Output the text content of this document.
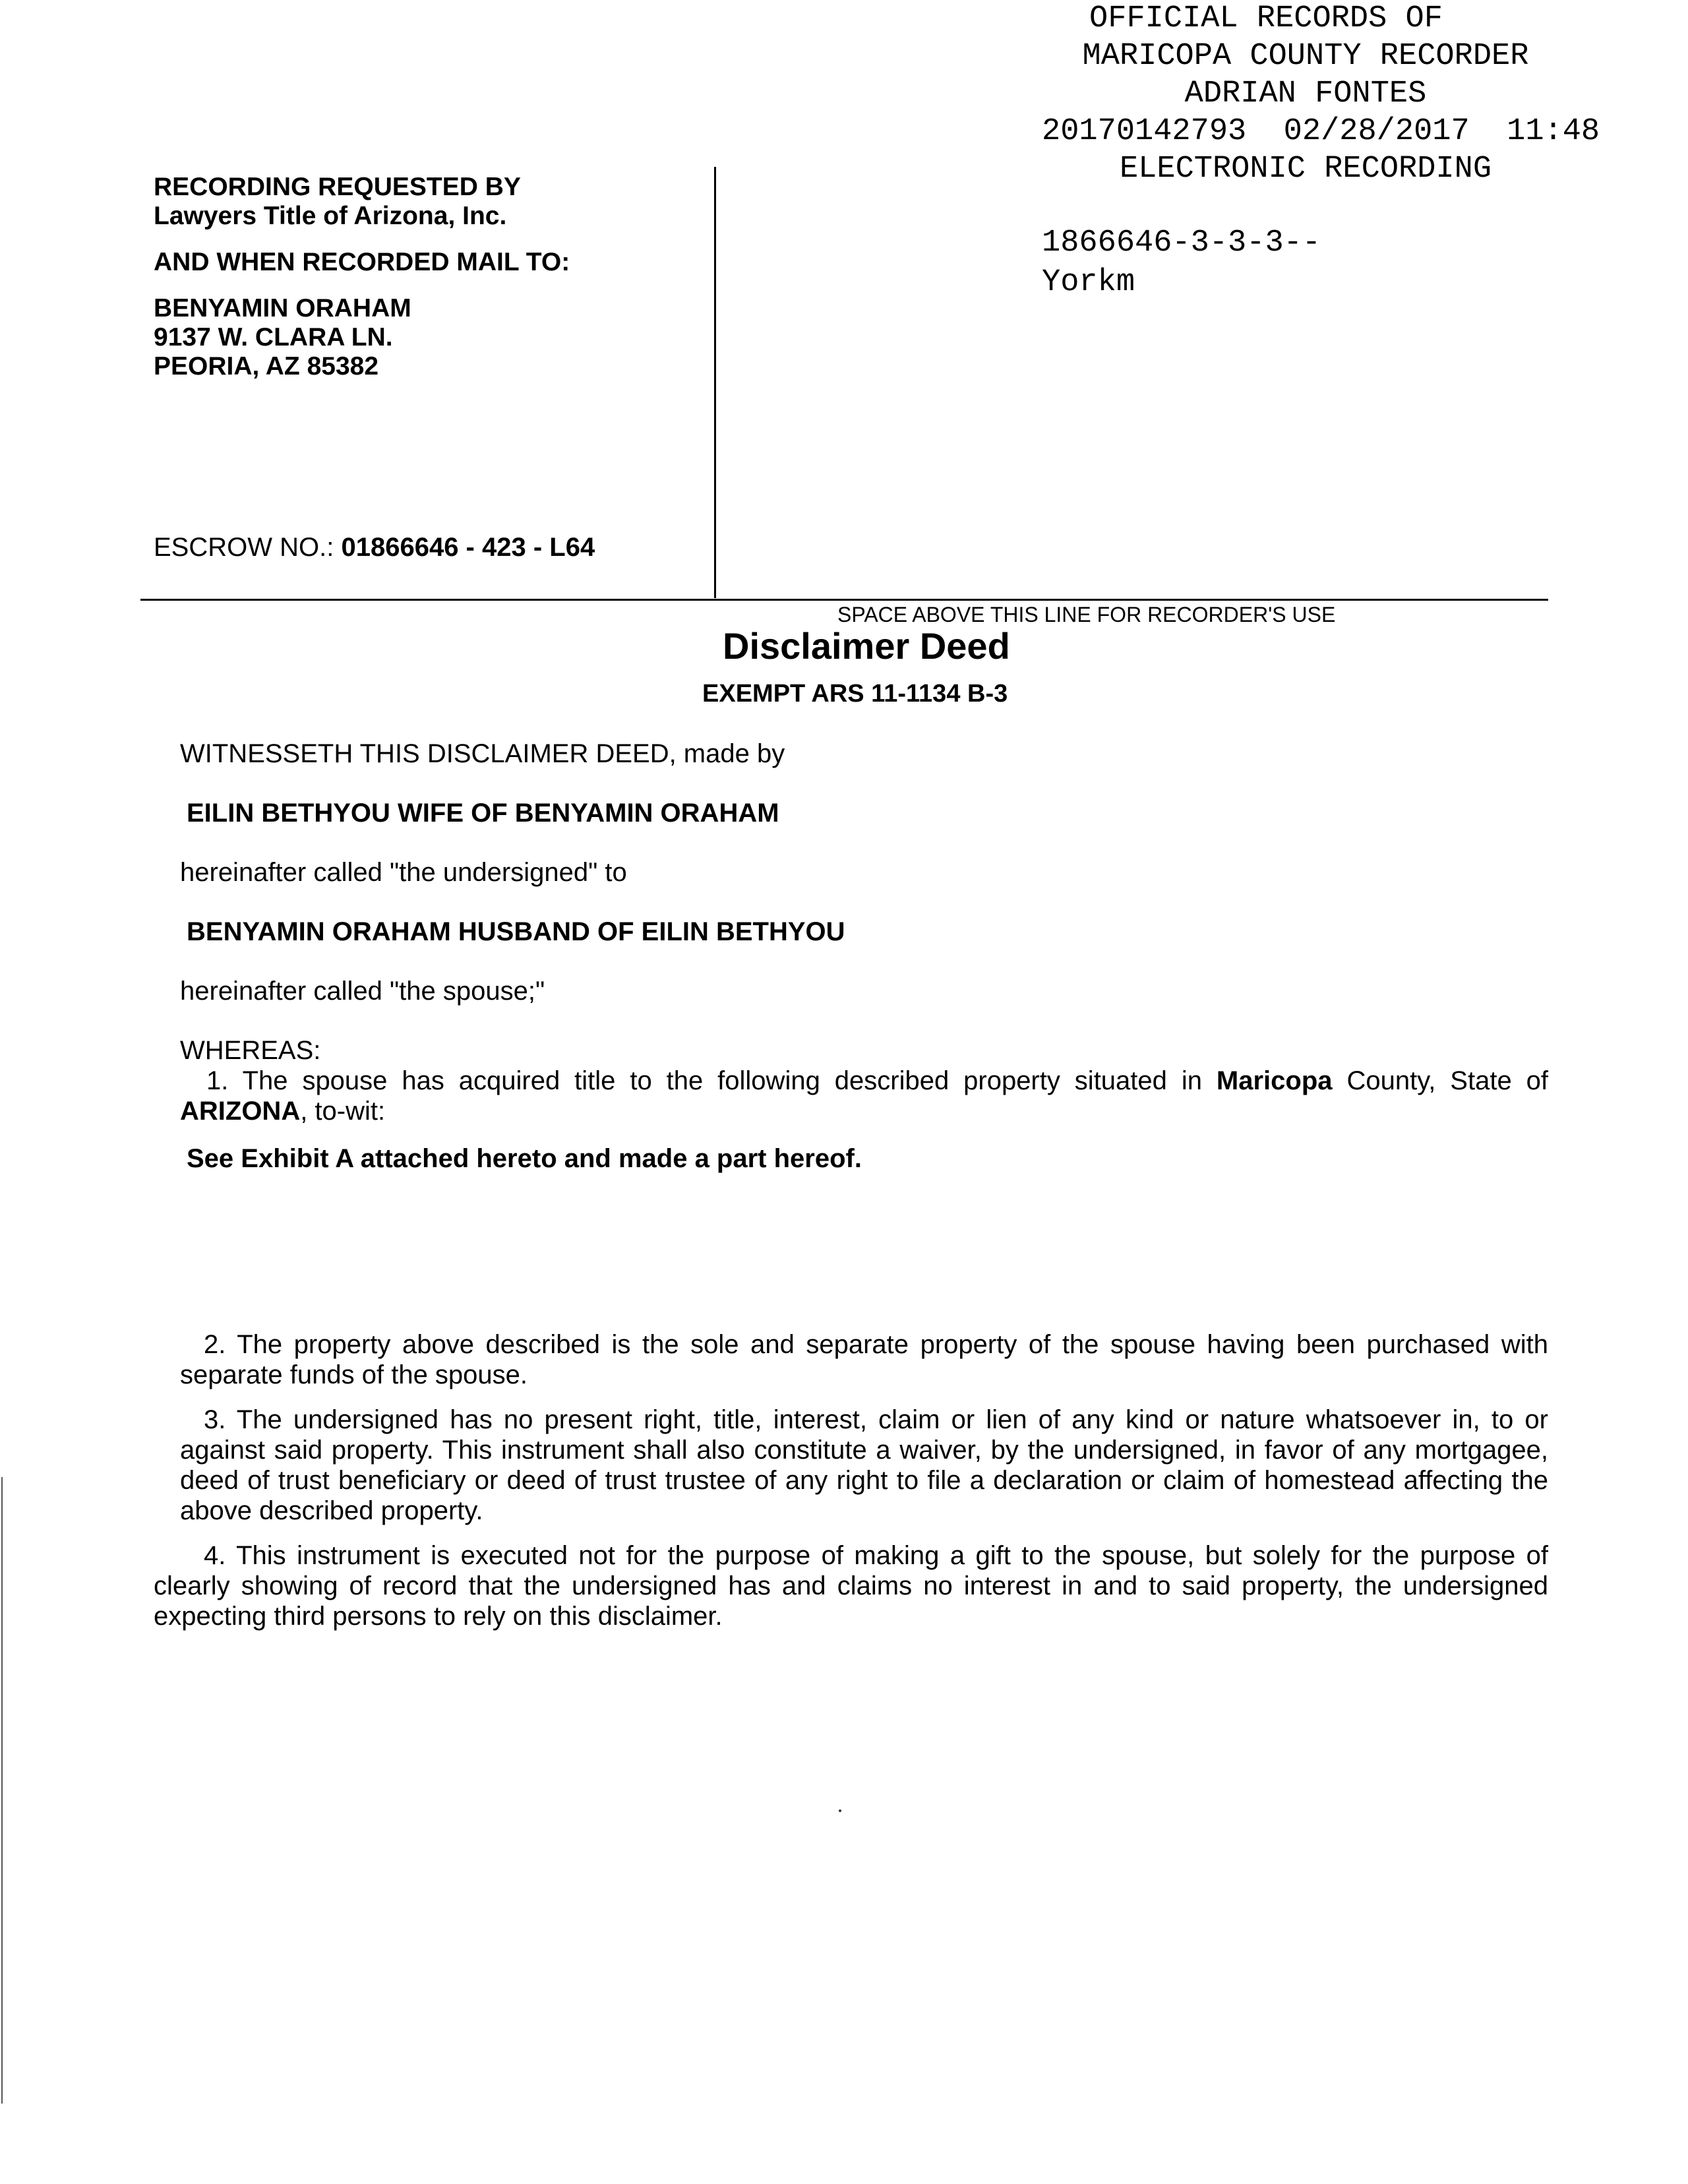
OFFICIAL RECORDS OF
MARICOPA COUNTY RECORDER
ADRIAN FONTES
20170142793  02/28/2017  11:48
ELECTRONIC RECORDING
1866646-3-3-3--
Yorkm
RECORDING REQUESTED BY
Lawyers Title of Arizona, Inc.
AND WHEN RECORDED MAIL TO:
BENYAMIN ORAHAM
9137 W. CLARA LN.
PEORIA, AZ 85382
ESCROW NO.: 01866646 - 423 - L64
SPACE ABOVE THIS LINE FOR RECORDER'S USE
Disclaimer Deed
EXEMPT ARS 11-1134 B-3
WITNESSETH THIS DISCLAIMER DEED, made by
EILIN BETHYOU WIFE OF BENYAMIN ORAHAM
hereinafter called "the undersigned" to
BENYAMIN ORAHAM HUSBAND OF EILIN BETHYOU
hereinafter called "the spouse;"
WHEREAS:
1. The spouse has acquired title to the following described property situated in Maricopa County, State of ARIZONA, to-wit:
See Exhibit A attached hereto and made a part hereof.
2. The property above described is the sole and separate property of the spouse having been purchased with separate funds of the spouse.
3. The undersigned has no present right, title, interest, claim or lien of any kind or nature whatsoever in, to or against said property. This instrument shall also constitute a waiver, by the undersigned, in favor of any mortgagee, deed of trust beneficiary or deed of trust trustee of any right to file a declaration or claim of homestead affecting the above described property.
4. This instrument is executed not for the purpose of making a gift to the spouse, but solely for the purpose of clearly showing of record that the undersigned has and claims no interest in and to said property, the undersigned expecting third persons to rely on this disclaimer.
